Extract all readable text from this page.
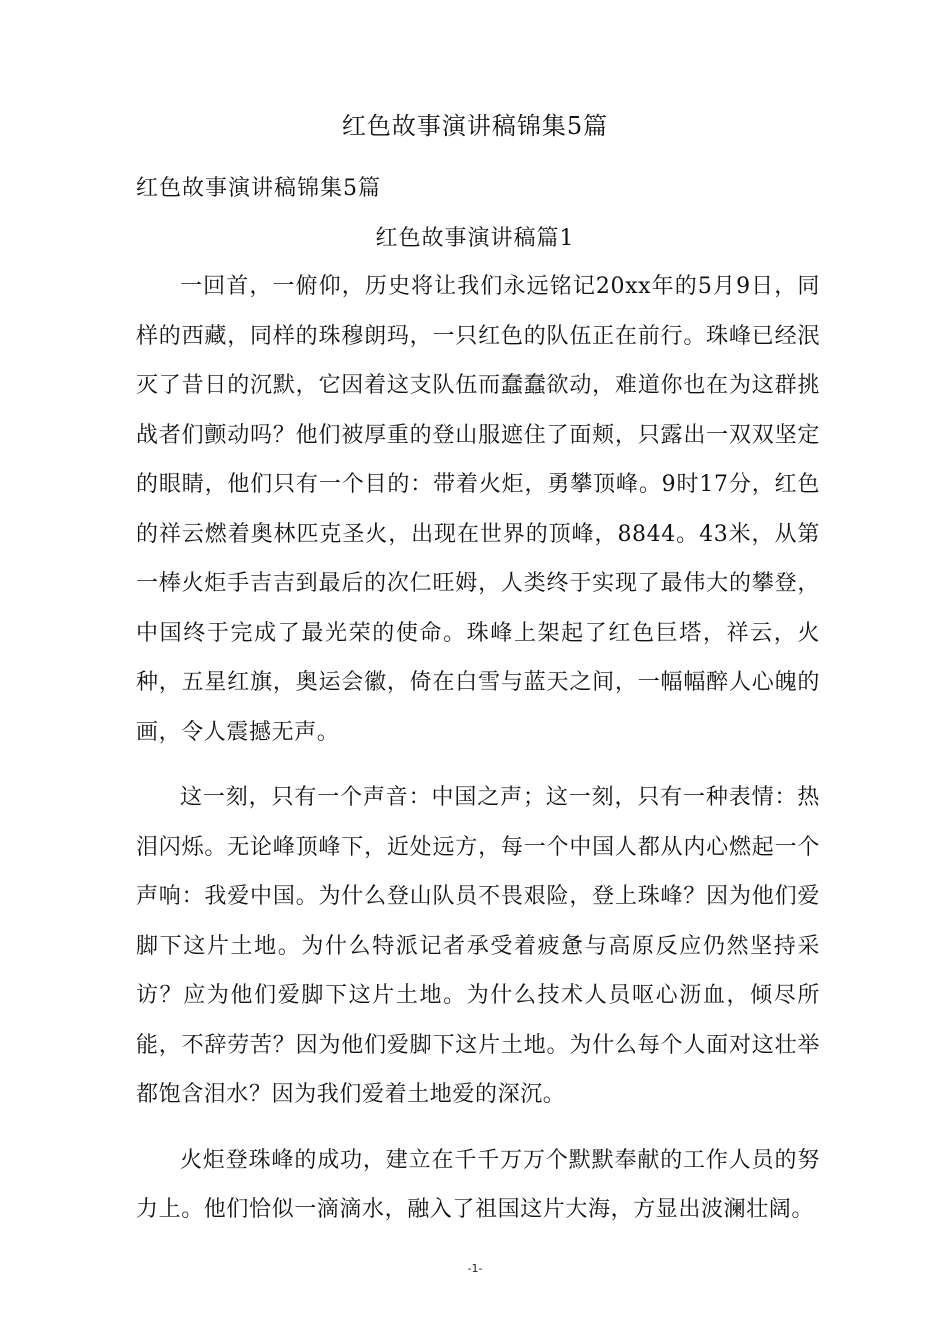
红色故事演讲稿锦集5篇

红色故事演讲稿锦集5篇

红色故事演讲稿篇1

一回首，一俯仰，历史将让我们永远铭记20xx年的5月9日，同样的西藏，同样的珠穆朗玛，一只红色的队伍正在前行。珠峰已经泯灭了昔日的沉默，它因着这支队伍而蠢蠢欲动，难道你也在为这群挑战者们颤动吗？他们被厚重的登山服遮住了面颊，只露出一双双坚定的眼睛，他们只有一个目的：带着火炬，勇攀顶峰。9时17分，红色的祥云燃着奥林匹克圣火，出现在世界的顶峰，8844。43米，从第一棒火炬手吉吉到最后的次仁旺姆，人类终于实现了最伟大的攀登，中国终于完成了最光荣的使命。珠峰上架起了红色巨塔，祥云，火种，五星红旗，奥运会徽，倚在白雪与蓝天之间，一幅幅醉人心魄的画，令人震撼无声。

这一刻，只有一个声音：中国之声；这一刻，只有一种表情：热泪闪烁。无论峰顶峰下，近处远方，每一个中国人都从内心燃起一个声响：我爱中国。为什么登山队员不畏艰险，登上珠峰？因为他们爱脚下这片土地。为什么特派记者承受着疲惫与高原反应仍然坚持采访？应为他们爱脚下这片土地。为什么技术人员呕心沥血，倾尽所能，不辞劳苦？因为他们爱脚下这片土地。为什么每个人面对这壮举都饱含泪水？因为我们爱着土地爱的深沉。

火炬登珠峰的成功，建立在千千万万个默默奉献的工作人员的努力上。他们恰似一滴滴水，融入了祖国这片大海，方显出波澜壮阔。

-1-
